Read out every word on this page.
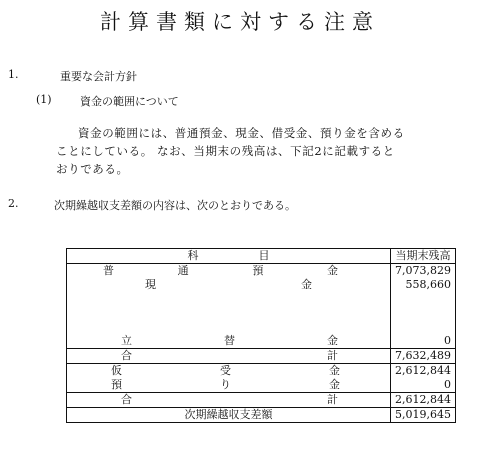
計算書類に対する注意
1.	重要な会計方針
(1)	資金の範囲について
資金の範囲には、普通預金、現金、借受金、預り金を含める
ことにしている。 なお、当期末の残高は、下記2に記載すると
おりである。
2.	次期繰越収支差額の内容は、次のとおりである。
科 目	当期末残高

普 通 預 金	7,073,829

現 金	558,660

立 替 金	0

合 計	7,632,489

仮 受 金	2,612,844

預 り 金	0

合 計	2,612,844
次期繰越収支差額	5,019,645
